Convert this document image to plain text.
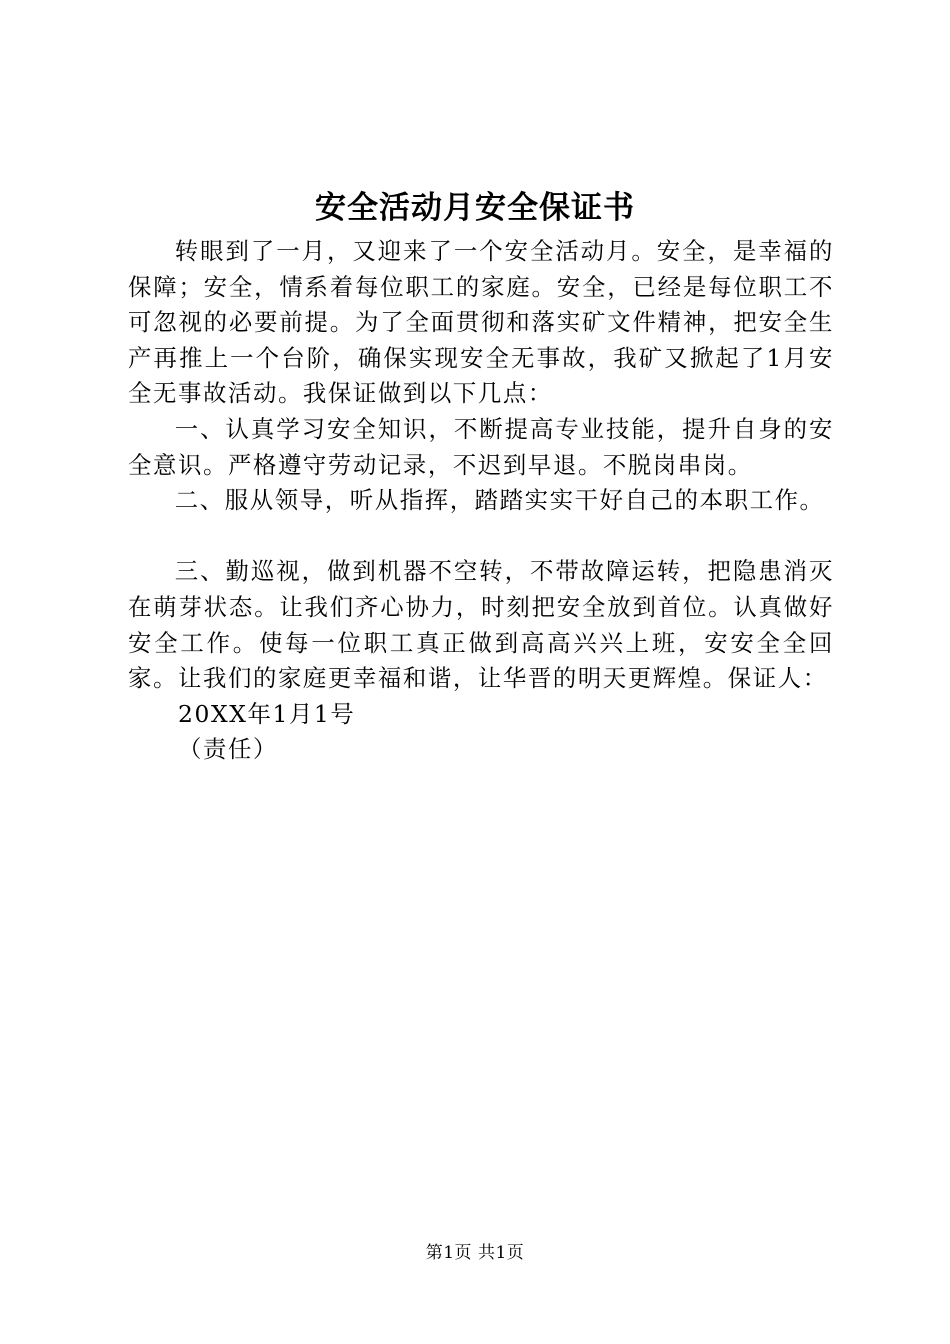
安全活动月安全保证书

转眼到了一月，又迎来了一个安全活动月。安全，是幸福的保障；安全，情系着每位职工的家庭。安全，已经是每位职工不可忽视的必要前提。为了全面贯彻和落实矿文件精神，把安全生产再推上一个台阶，确保实现安全无事故，我矿又掀起了1月安全无事故活动。我保证做到以下几点：

一、认真学习安全知识，不断提高专业技能，提升自身的安全意识。严格遵守劳动记录，不迟到早退。不脱岗串岗。

二、服从领导，听从指挥，踏踏实实干好自己的本职工作。

三、勤巡视，做到机器不空转，不带故障运转，把隐患消灭在萌芽状态。让我们齐心协力，时刻把安全放到首位。认真做好安全工作。使每一位职工真正做到高高兴兴上班，安安全全回家。让我们的家庭更幸福和谐，让华晋的明天更辉煌。保证人：

20XX年1月1号

（责任）

第1页 共1页
